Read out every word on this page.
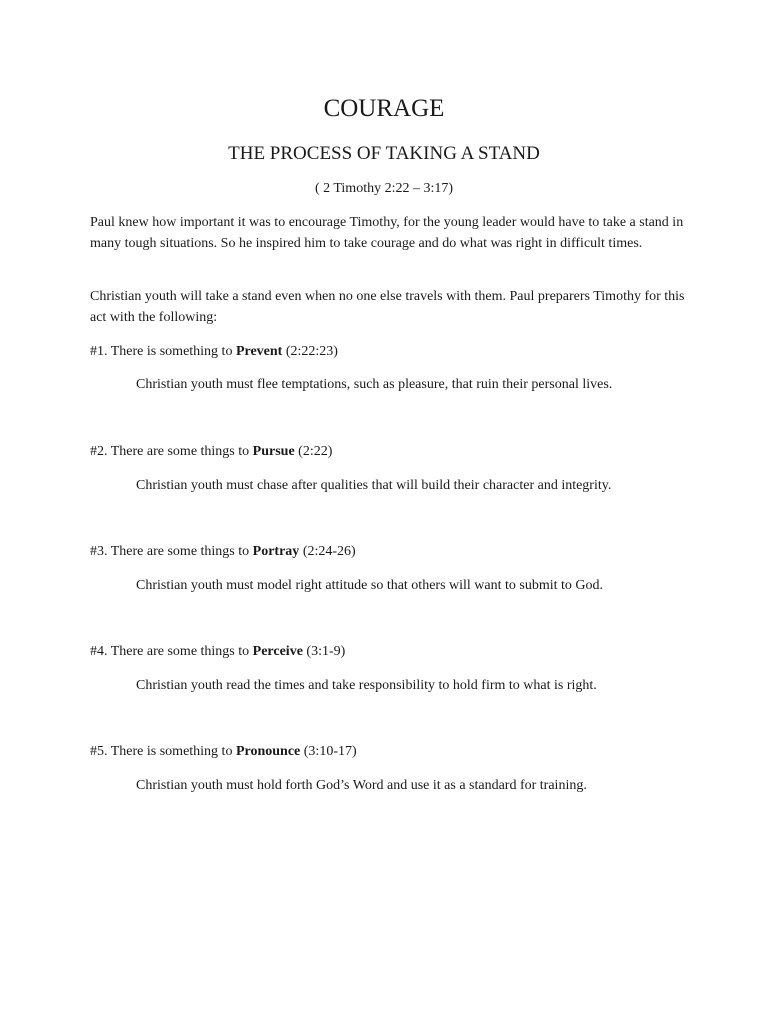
COURAGE
THE PROCESS OF TAKING A STAND

( 2 Timothy 2:22 – 3:17)

Paul knew how important it was to encourage Timothy, for the young leader would have to take a stand in many tough situations. So he inspired him to take courage and do what was right in difficult times.

Christian youth will take a stand even when no one else travels with them. Paul preparers Timothy for this act with the following:

#1. There is something to Prevent (2:22:23)

Christian youth must flee temptations, such as pleasure, that ruin their personal lives.

#2. There are some things to Pursue (2:22)

Christian youth must chase after qualities that will build their character and integrity.

#3. There are some things to Portray (2:24-26)

Christian youth must model right attitude so that others will want to submit to God.

#4. There are some things to Perceive (3:1-9)

Christian youth read the times and take responsibility to hold firm to what is right.

#5. There is something to Pronounce (3:10-17)

Christian youth must hold forth God’s Word and use it as a standard for training.
